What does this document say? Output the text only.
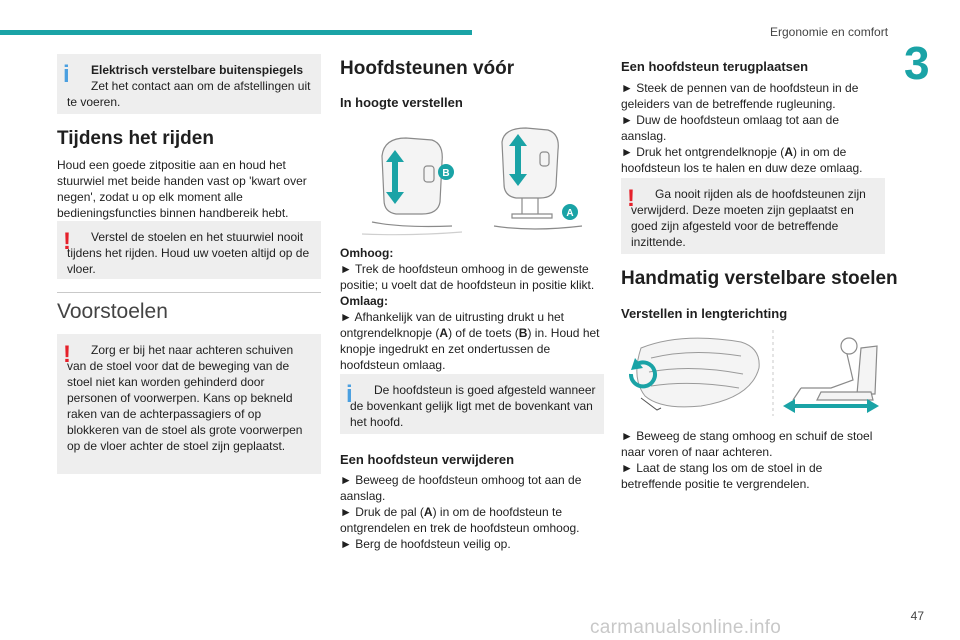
Ergonomie en comfort
3
i	Elektrisch verstelbare buitenspiegels
Zet het contact aan om de afstellingen uit te voeren.
Tijdens het rijden
Houd een goede zitpositie aan en houd het stuurwiel met beide handen vast op 'kwart over negen', zodat u op elk moment alle bedieningsfuncties binnen handbereik hebt.
!	Verstel de stoelen en het stuurwiel nooit tijdens het rijden. Houd uw voeten altijd op de vloer.
Voorstoelen
!	Zorg er bij het naar achteren schuiven van de stoel voor dat de beweging van de stoel niet kan worden gehinderd door personen of voorwerpen. Kans op bekneld raken van de achterpassagiers of op blokkeren van de stoel als grote voorwerpen op de vloer achter de stoel zijn geplaatst.
Hoofdsteunen vóór
In hoogte verstellen
B
A
Omhoog:
► Trek de hoofdsteun omhoog in de gewenste positie; u voelt dat de hoofdsteun in positie klikt.
Omlaag:
► Afhankelijk van de uitrusting drukt u het ontgrendelknopje (A) of de toets (B) in. Houd het knopje ingedrukt en zet ondertussen de hoofdsteun omlaag.
i	De hoofdsteun is goed afgesteld wanneer de bovenkant gelijk ligt met de bovenkant van het hoofd.
Een hoofdsteun verwijderen
► Beweeg de hoofdsteun omhoog tot aan de aanslag.
► Druk de pal (A) in om de hoofdsteun te ontgrendelen en trek de hoofdsteun omhoog.
► Berg de hoofdsteun veilig op.
Een hoofdsteun terugplaatsen
► Steek de pennen van de hoofdsteun in de geleiders van de betreffende rugleuning.
► Duw de hoofdsteun omlaag tot aan de aanslag.
► Druk het ontgrendelknopje (A) in om de hoofdsteun los te halen en duw deze omlaag.
!	Ga nooit rijden als de hoofdsteunen zijn verwijderd. Deze moeten zijn geplaatst en goed zijn afgesteld voor de betreffende inzittende.
Handmatig verstelbare stoelen
Verstellen in lengterichting
► Beweeg de stang omhoog en schuif de stoel naar voren of naar achteren.
► Laat de stang los om de stoel in de betreffende positie te vergrendelen.
carmanualsonline.info
47
